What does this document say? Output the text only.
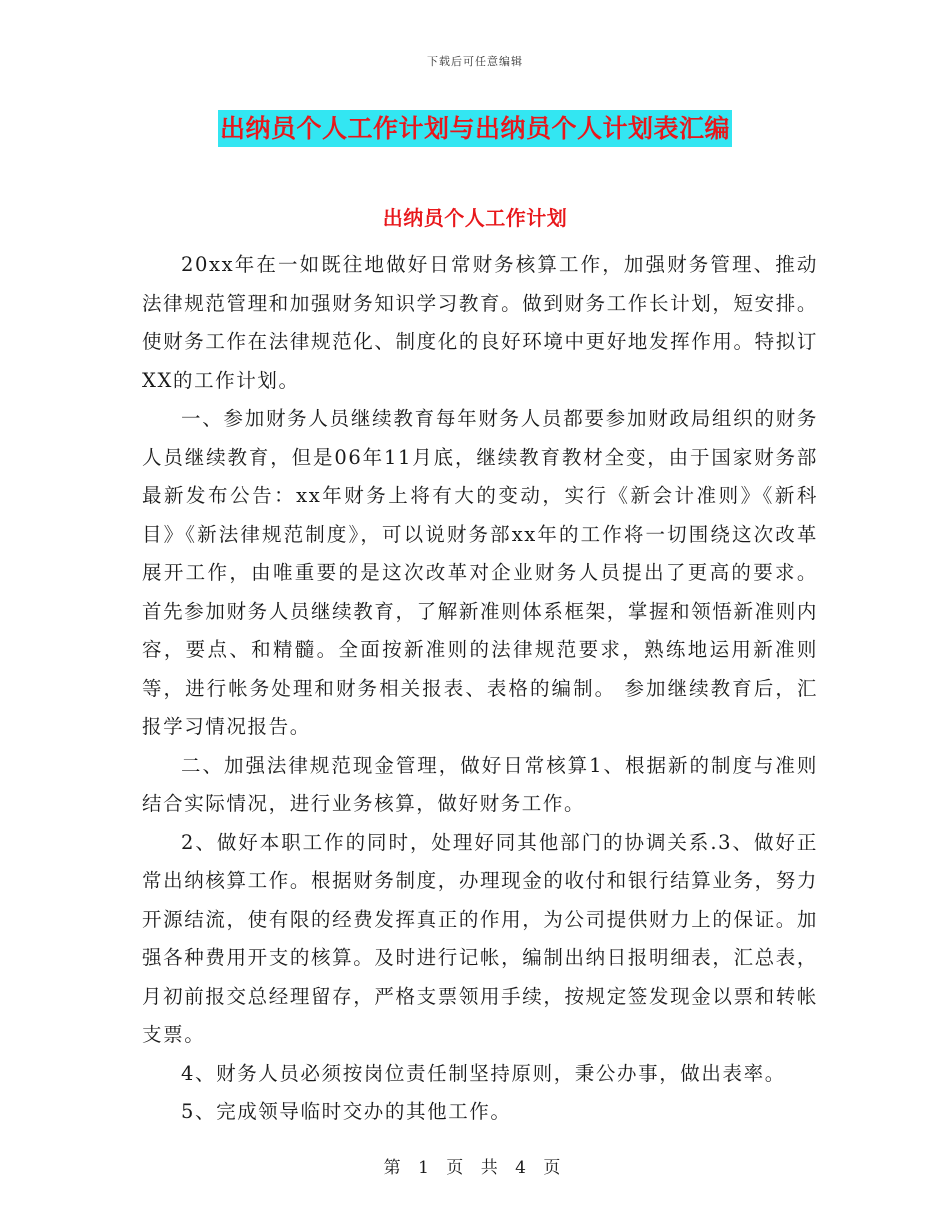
下载后可任意编辑
出纳员个人工作计划与出纳员个人计划表汇编
出纳员个人工作计划

20xx年在一如既往地做好日常财务核算工作，加强财务管理、推动法律规范管理和加强财务知识学习教育。做到财务工作长计划，短安排。使财务工作在法律规范化、制度化的良好环境中更好地发挥作用。特拟订XX的工作计划。

一、参加财务人员继续教育每年财务人员都要参加财政局组织的财务人员继续教育，但是06年11月底，继续教育教材全变，由于国家财务部最新发布公告：xx年财务上将有大的变动，实行《新会计准则》《新科目》《新法律规范制度》，可以说财务部xx年的工作将一切围绕这次改革展开工作，由唯重要的是这次改革对企业财务人员提出了更高的要求。 首先参加财务人员继续教育，了解新准则体系框架，掌握和领悟新准则内容，要点、和精髓。全面按新准则的法律规范要求，熟练地运用新准则等，进行帐务处理和财务相关报表、表格的编制。 参加继续教育后，汇报学习情况报告。

二、加强法律规范现金管理，做好日常核算1、根据新的制度与准则结合实际情况，进行业务核算，做好财务工作。

2、做好本职工作的同时，处理好同其他部门的协调关系.3、做好正常出纳核算工作。根据财务制度，办理现金的收付和银行结算业务，努力开源结流，使有限的经费发挥真正的作用，为公司提供财力上的保证。加强各种费用开支的核算。及时进行记帐，编制出纳日报明细表，汇总表，月初前报交总经理留存，严格支票领用手续，按规定签发现金以票和转帐支票。

4、财务人员必须按岗位责任制坚持原则，秉公办事，做出表率。

5、完成领导临时交办的其他工作。

第 1 页 共 4 页
